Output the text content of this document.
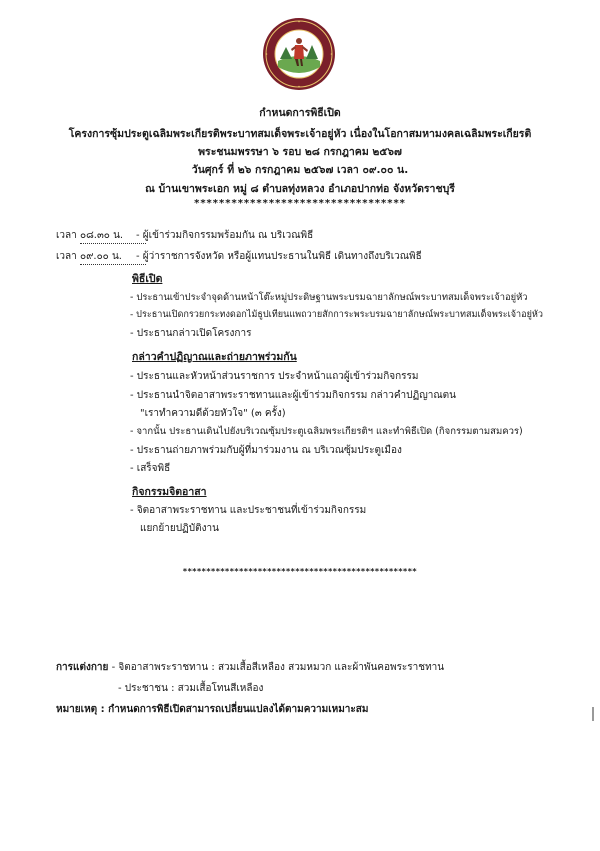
กำหนดการพิธีเปิด
โครงการซุ้มประตูเฉลิมพระเกียรติพระบาทสมเด็จพระเจ้าอยู่หัว เนื่องในโอกาสมหามงคลเฉลิมพระเกียรติ
พระชนมพรรษา ๖ รอบ ๒๘ กรกฎาคม ๒๕๖๗
วันศุกร์ ที่ ๒๖ กรกฎาคม ๒๕๖๗ เวลา ๐๙.๐๐ น.
ณ บ้านเขาพระเอก หมู่ ๘ ตำบลทุ่งหลวง อำเภอปากท่อ จังหวัดราชบุรี
**********************************
เวลา ๐๘.๓๐ น.	- ผู้เข้าร่วมกิจกรรมพร้อมกัน ณ บริเวณพิธี
เวลา ๐๙.๐๐ น.	- ผู้ว่าราชการจังหวัด หรือผู้แทนประธานในพิธี เดินทางถึงบริเวณพิธี
พิธีเปิด
- ประธานเข้าประจำจุดด้านหน้าโต๊ะหมู่ประดิษฐานพระบรมฉายาลักษณ์พระบาทสมเด็จพระเจ้าอยู่หัว
- ประธานเปิดกรวยกระทงดอกไม้ธูปเทียนแพถวายสักการะพระบรมฉายาลักษณ์พระบาทสมเด็จพระเจ้าอยู่หัว
- ประธานกล่าวเปิดโครงการ
กล่าวคำปฏิญาณและถ่ายภาพร่วมกัน
- ประธานและหัวหน้าส่วนราชการ ประจำหน้าแถวผู้เข้าร่วมกิจกรรม
- ประธานนำจิตอาสาพระราชทานและผู้เข้าร่วมกิจกรรม กล่าวคำปฏิญาณตน
"เราทำความดีด้วยหัวใจ" (๓ ครั้ง)
- จากนั้น ประธานเดินไปยังบริเวณซุ้มประตูเฉลิมพระเกียรติฯ และทำพิธีเปิด (กิจกรรมตามสมควร)
- ประธานถ่ายภาพร่วมกับผู้ที่มาร่วมงาน ณ บริเวณซุ้มประตูเมือง
- เสร็จพิธี
กิจกรรมจิตอาสา
- จิตอาสาพระราชทาน และประชาชนที่เข้าร่วมกิจกรรม
แยกย้ายปฏิบัติงาน
**************************************************
การแต่งกาย - จิตอาสาพระราชทาน : สวมเสื้อสีเหลือง สวมหมวก และผ้าพันคอพระราชทาน
- ประชาชน : สวมเสื้อโทนสีเหลือง
หมายเหตุ : กำหนดการพิธีเปิดสามารถเปลี่ยนแปลงได้ตามความเหมาะสม
